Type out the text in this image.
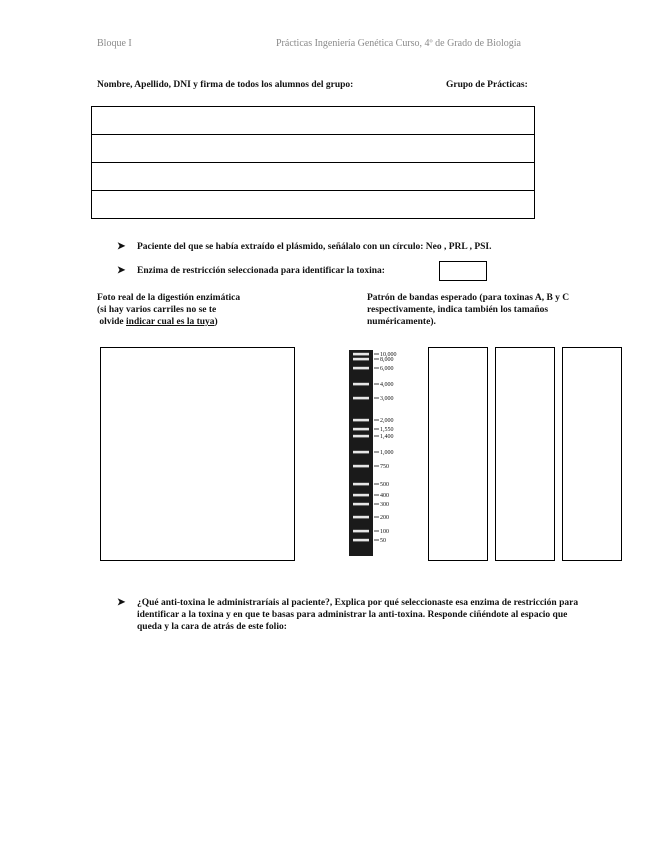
Bloque I	Prácticas Ingeniería Genética Curso, 4º de Grado de Biología
Nombre, Apellido, DNI y firma de todos los alumnos del grupo:	Grupo de Prácticas:
➤ Paciente del que se había extraído el plásmido, señálalo con un círculo: Neo , PRL , PSI.
➤ Enzima de restricción seleccionada para identificar la toxina:
Foto real de la digestión enzimática
(si hay varios carriles no se te
olvide indicar cual es la tuya)
Patrón de bandas esperado (para toxinas A, B y C respectivamente, indica también los tamaños numéricamente).
10,000
8,000
6,000
4,000
3,000
2,000
1,550
1,400
1,000
750
500
400
300
200
100
50
➤ ¿Qué anti-toxina le administraríais al paciente?, Explica por qué seleccionaste esa enzima de restricción para identificar a la toxina y en que te basas para administrar la anti-toxina. Responde ciñéndote al espacio que queda y la cara de atrás de este folio:
